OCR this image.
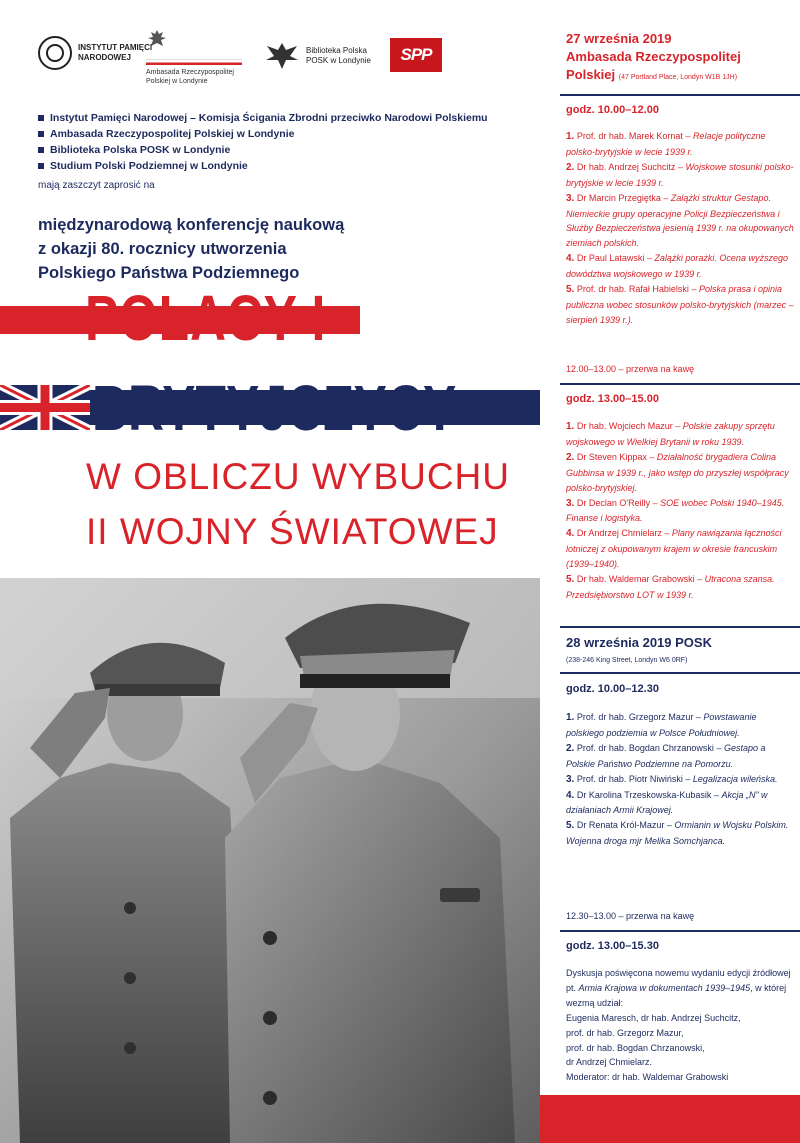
INSTYTUT PAMIĘCI NARODOWEJ
Ambasada Rzeczypospolitej Polskiej w Londynie
Biblioteka Polska POSK w Londynie	SPP
Instytut Pamięci Narodowej – Komisja Ścigania Zbrodni przeciwko Narodowi Polskiemu
Ambasada Rzeczypospolitej Polskiej w Londynie
Biblioteka Polska POSK w Londynie
Studium Polski Podziemnej w Londynie
mają zaszczyt zaprosić na
międzynarodową konferencję naukową
z okazji 80. rocznicy utworzenia
Polskiego Państwa Podziemnego
POLACY I
BRYTYJCZYCY
W OBLICZU WYBUCHU
II WOJNY ŚWIATOWEJ
27 września 2019
Ambasada Rzeczypospolitej
Polskiej (47 Portland Place, Londyn W1B 1JH)
godz. 10.00–12.00

1. Prof. dr hab. Marek Kornat – Relacje polityczne polsko-brytyjskie w lecie 1939 r.

2. Dr hab. Andrzej Suchcitz – Wojskowe stosunki polsko-brytyjskie w lecie 1939 r.

3. Dr Marcin Przegiętka – Zalążki struktur Gestapo. Niemieckie grupy operacyjne Policji Bezpieczeństwa i Służby Bezpieczeństwa jesienią 1939 r. na okupowanych ziemiach polskich.

4. Dr Paul Latawski – Zalążki porażki. Ocena wyższego dowództwa wojskowego w 1939 r.

5. Prof. dr hab. Rafał Habielski – Polska prasa i opinia publiczna wobec stosunków polsko-brytyjskich (marzec –sierpień 1939 r.).

12.00–13.00 – przerwa na kawę
godz. 13.00–15.00

1. Dr hab. Wojciech Mazur – Polskie zakupy sprzętu wojskowego w Wielkiej Brytanii w roku 1939.

2. Dr Steven Kippax – Działalność brygadiera Colina Gubbinsa w 1939 r., jako wstęp do przyszłej współpracy polsko-brytyjskiej.

3. Dr Declan O'Reilly – SOE wobec Polski 1940–1945. Finanse i logistyka.

4. Dr Andrzej Chmielarz – Plany nawiązania łączności lotniczej z okupowanym krajem w okresie francuskim (1939–1940).

5. Dr hab. Waldemar Grabowski – Utracona szansa. Przedsiębiorstwo LOT w 1939 r.

28 września 2019 POSK
(238-246 King Street, Londyn W6 0RF)
godz. 10.00–12.30

1. Prof. dr hab. Grzegorz Mazur – Powstawanie polskiego podziemia w Polsce Południowej.

2. Prof. dr hab. Bogdan Chrzanowski – Gestapo a Polskie Państwo Podziemne na Pomorzu.

3. Prof. dr hab. Piotr Niwiński – Legalizacja wileńska.

4. Dr Karolina Trzeskowska-Kubasik – Akcja „N” w działaniach Armii Krajowej.

5. Dr Renata Król-Mazur – Ormianin w Wojsku Polskim. Wojenna droga mjr Melika Somchjanca.

12.30–13.00 – przerwa na kawę
godz. 13.00–15.30

Dyskusja poświęcona nowemu wydaniu edycji źródłowej pt. Armia Krajowa w dokumentach 1939–1945, w której wezmą udział:

Eugenia Maresch, dr hab. Andrzej Suchcitz,

prof. dr hab. Grzegorz Mazur,

prof. dr hab. Bogdan Chrzanowski,

dr Andrzej Chmielarz.

Moderator: dr hab. Waldemar Grabowski
